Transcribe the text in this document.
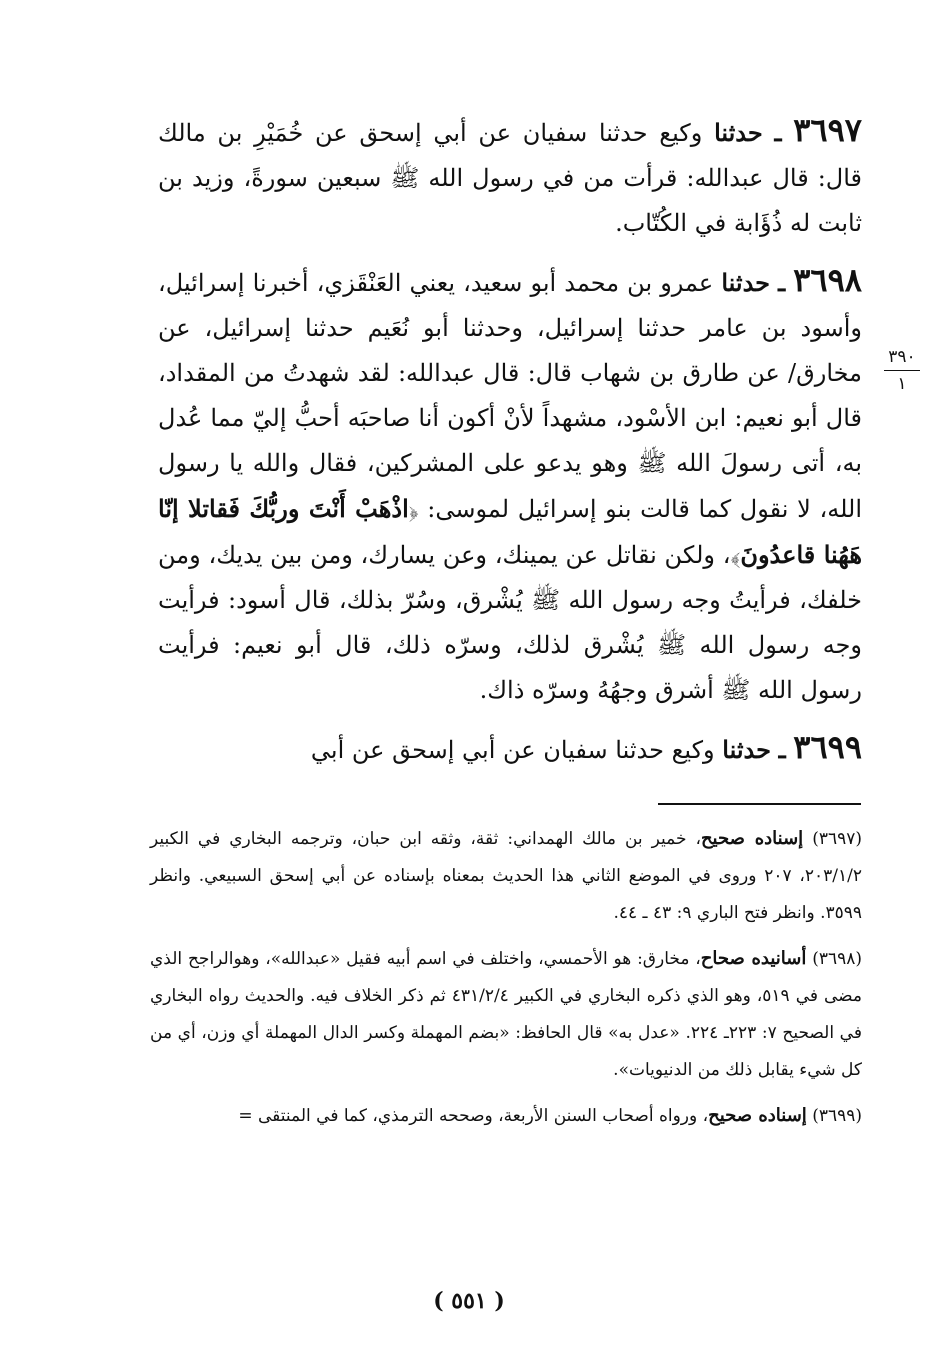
٣٩٠
١

٣٦٩٧ ـ حدثنا وكيع حدثنا سفيان عن أبي إسحق عن خُمَيْرِ بن مالك قال: قال عبدالله: قرأت من في رسول الله ﷺ سبعين سورةً، وزيد بن ثابت له ذُؤَابة في الكُتّاب.

٣٦٩٨ ـ حدثنا عمرو بن محمد أبو سعيد، يعني العَنْقَزي، أخبرنا إسرائيل، وأسود بن عامر حدثنا إسرائيل، وحدثنا أبو نُعَيم حدثنا إسرائيل، عن مخارق/ عن طارق بن شهاب قال: قال عبدالله: لقد شهدتُ من المقداد، قال أبو نعيم: ابن الأسْود، مشهداً لأنْ أكون أنا صاحبَه أحبُّ إليّ مما عُدل به، أتى رسولَ الله ﷺ وهو يدعو على المشركين، فقال والله يا رسول الله، لا نقول كما قالت بنو إسرائيل لموسى: ﴿اذْهَبْ أَنْتَ وربُّكَ فَقاتلا إنّا هَهُنا قاعدُونَ﴾، ولكن نقاتل عن يمينك، وعن يسارك، ومن بين يديك، ومن خلفك، فرأيتُ وجه رسول الله ﷺ يُشْرق، وسُرّ بذلك، قال أسود: فرأيت وجه رسول الله ﷺ يُشْرق لذلك، وسرّه ذلك، قال أبو نعيم: فرأيت رسول الله ﷺ أشرق وجهُهُ وسرّه ذاك.

٣٦٩٩ ـ حدثنا وكيع حدثنا سفيان عن أبي إسحق عن أبي

(٣٦٩٧) إسناده صحيح، خمير بن مالك الهمداني: ثقة، وثقه ابن حبان، وترجمه البخاري في الكبير ٢٠٣/١/٢، ٢٠٧ وروى في الموضع الثاني هذا الحديث بمعناه بإسناده عن أبي إسحق السبيعي. وانظر ٣٥٩٩. وانظر فتح الباري ٩: ٤٣ ـ ٤٤.

(٣٦٩٨) أسانيده صحاح، مخارق: هو الأحمسي، واختلف في اسم أبيه فقيل «عبدالله»، وهوالراجح الذي مضى في ٥١٩، وهو الذي ذكره البخاري في الكبير ٤٣١/٢/٤ ثم ذكر الخلاف فيه. والحديث رواه البخاري في الصحيح ٧: ٢٢٣ـ ٢٢٤. «عدل به» قال الحافظ: «بضم المهملة وكسر الدال المهملة أي وزن، أي من كل شيء يقابل ذلك من الدنيويات».

(٣٦٩٩) إسناده صحيح، ورواه أصحاب السنن الأربعة، وصححه الترمذي، كما في المنتقى =

( ٥٥١ )
